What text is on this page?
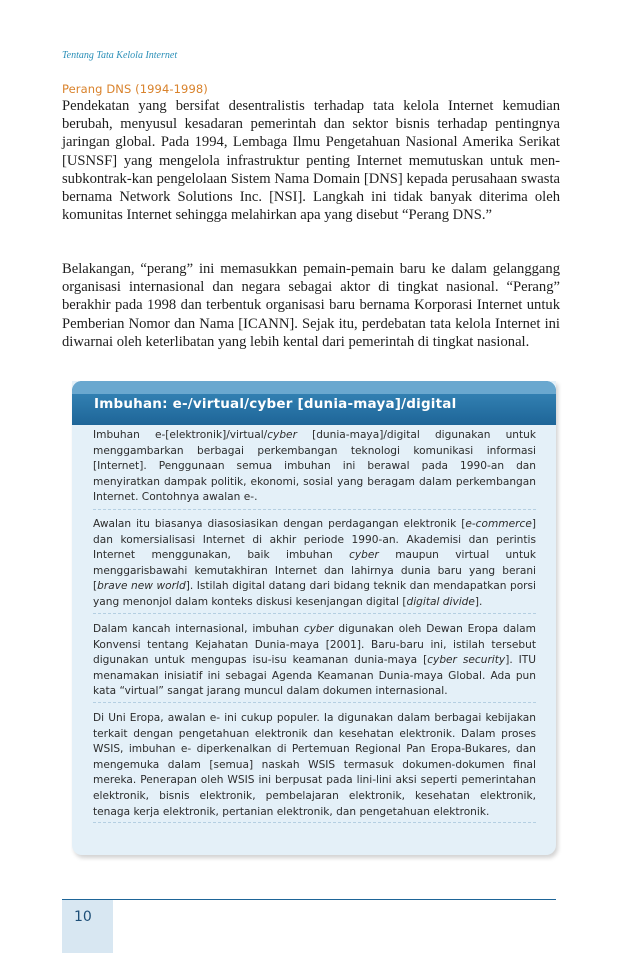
Tentang Tata Kelola Internet
Perang DNS (1994-1998)

Pendekatan yang bersifat desentralistis terhadap tata kelola Internet kemudian berubah, menyusul kesadaran pemerintah dan sektor bisnis terhadap pentingnya jaringan global. Pada 1994, Lembaga Ilmu Pengetahuan Nasional Amerika Serikat [USNSF] yang mengelola infrastruktur penting Internet memutuskan untuk men-subkontrak-kan pengelolaan Sistem Nama Domain [DNS] kepada perusahaan swasta bernama Network Solutions Inc. [NSI]. Langkah ini tidak banyak diterima oleh komunitas Internet sehingga melahirkan apa yang disebut “Perang DNS.”

Belakangan, “perang” ini memasukkan pemain-pemain baru ke dalam gelanggang organisasi internasional dan negara sebagai aktor di tingkat nasional. “Perang” berakhir pada 1998 dan terbentuk organisasi baru bernama Korporasi Internet untuk Pemberian Nomor dan Nama [ICANN]. Sejak itu, perdebatan tata kelola Internet ini diwarnai oleh keterlibatan yang lebih kental dari pemerintah di tingkat nasional.

Imbuhan: e-/virtual/cyber [dunia-maya]/digital

Imbuhan e-[elektronik]/virtual/cyber [dunia-maya]/digital digunakan untuk menggambarkan berbagai perkembangan teknologi komunikasi informasi [Internet]. Penggunaan semua imbuhan ini berawal pada 1990-an dan menyiratkan dampak politik, ekonomi, sosial yang beragam dalam perkembangan Internet. Contohnya awalan e-.

Awalan itu biasanya diasosiasikan dengan perdagangan elektronik [e-commerce] dan komersialisasi Internet di akhir periode 1990-an. Akademisi dan perintis Internet menggunakan, baik imbuhan cyber maupun virtual untuk menggarisbawahi kemutakhiran Internet dan lahirnya dunia baru yang berani [brave new world]. Istilah digital datang dari bidang teknik dan mendapatkan porsi yang menonjol dalam konteks diskusi kesenjangan digital [digital divide].

Dalam kancah internasional, imbuhan cyber digunakan oleh Dewan Eropa dalam Konvensi tentang Kejahatan Dunia-maya [2001]. Baru-baru ini, istilah tersebut digunakan untuk mengupas isu-isu keamanan dunia-maya [cyber security]. ITU menamakan inisiatif ini sebagai Agenda Keamanan Dunia-maya Global. Ada pun kata “virtual” sangat jarang muncul dalam dokumen internasional.

Di Uni Eropa, awalan e- ini cukup populer. Ia digunakan dalam berbagai kebijakan terkait dengan pengetahuan elektronik dan kesehatan elektronik. Dalam proses WSIS, imbuhan e- diperkenalkan di Pertemuan Regional Pan Eropa-Bukares, dan mengemuka dalam [semua] naskah WSIS termasuk dokumen-dokumen final mereka. Penerapan oleh WSIS ini berpusat pada lini-lini aksi seperti pemerintahan elektronik, bisnis elektronik, pembelajaran elektronik, kesehatan elektronik, tenaga kerja elektronik, pertanian elektronik, dan pengetahuan elektronik.

10
